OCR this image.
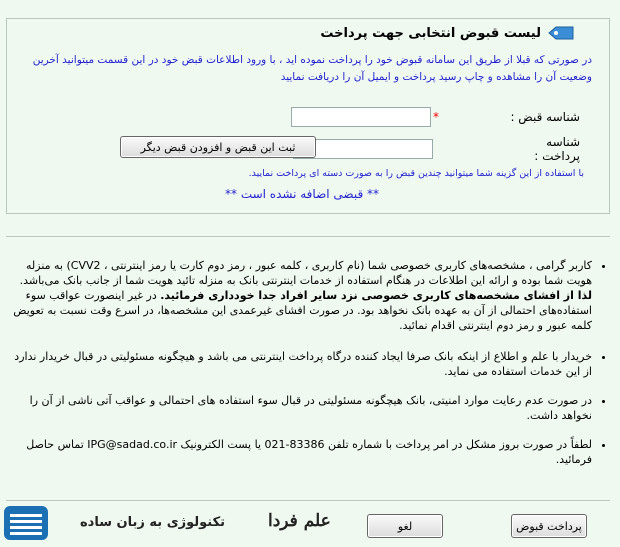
لیست قبوض انتخابی جهت پرداخت
در صورتی که قبلا از طریق این سامانه قبوض خود را پرداخت نموده اید ، با ورود اطلاعات قبض خود در این قسمت میتوانید آخرین وضعیت آن را مشاهده و چاپ رسید پرداخت و ایمیل آن را دریافت نمایید
شناسه قبض :
*
شناسه پرداخت :
ثبت این قبض و افزودن قبض دیگر
با استفاده از این گزینه شما میتوانید چندین قبض را به صورت دسته ای پرداخت نمایید.
** قبضی اضافه نشده است **
• کاربر گرامی ، مشخصه‌های کاربری خصوصی شما (نام کاربری ، کلمه عبور ، رمز دوم کارت یا رمز اینترنتی ، CVV2) به منزله هویت شما بوده و ارائه این اطلاعات در هنگام استفاده از خدمات اینترنتی بانک به منزله تائید هویت شما از جانب بانک می‌باشد. لذا از افشای مشخصه‌های کاربری خصوصی نزد سایر افراد جدا خودداری فرمائید. در غیر اینصورت عواقب سوء استفاده‌های احتمالی از آن به عهده بانک نخواهد بود. در صورت افشای غیرعمدی این مشخصه‌ها، در اسرع وقت نسبت به تعویض کلمه عبور و رمز دوم اینترنتی اقدام نمائید.
• خریدار با علم و اطلاع از اینکه بانک صرفا ایجاد کننده درگاه پرداخت اینترنتی می باشد و هیچگونه مسئولیتی در قبال خریدار ندارد از این خدمات استفاده می نماید.
• در صورت عدم رعایت موارد امنیتی، بانک هیچگونه مسئولیتی در قبال سوء استفاده های احتمالی و عواقب آتی ناشی از آن را نخواهد داشت.
• لطفاً در صورت بروز مشکل در امر پرداخت با شماره تلفن 83386-021 یا پست الکترونیک IPG@sadad.co.ir تماس حاصل فرمائید.
پرداخت قبوض
لغو
علم فردا
تکنولوژی به زبان ساده
